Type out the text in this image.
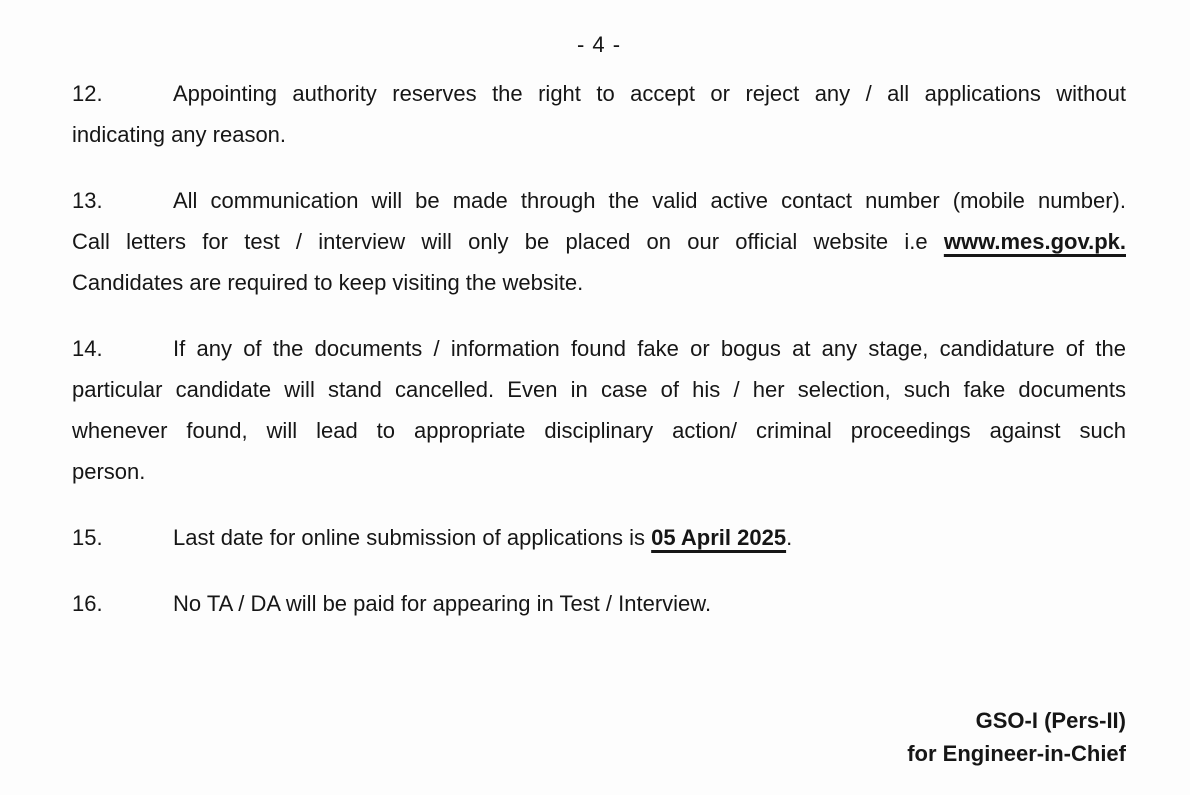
- 4 -
12.	Appointing authority reserves the right to accept or reject any / all applications without
indicating any reason.
13.	All communication will be made through the valid active contact number (mobile number).
Call letters for test / interview will only be placed on our official website i.e www.mes.gov.pk.
Candidates are required to keep visiting the website.
14.	If any of the documents / information found fake or bogus at any stage, candidature of the
particular candidate will stand cancelled. Even in case of his / her selection, such fake documents
whenever found, will lead to appropriate disciplinary action/ criminal proceedings against such
person.
15.	Last date for online submission of applications is 05 April 2025.
16.	No TA / DA will be paid for appearing in Test / Interview.
GSO-I (Pers-II)
for Engineer-in-Chief
